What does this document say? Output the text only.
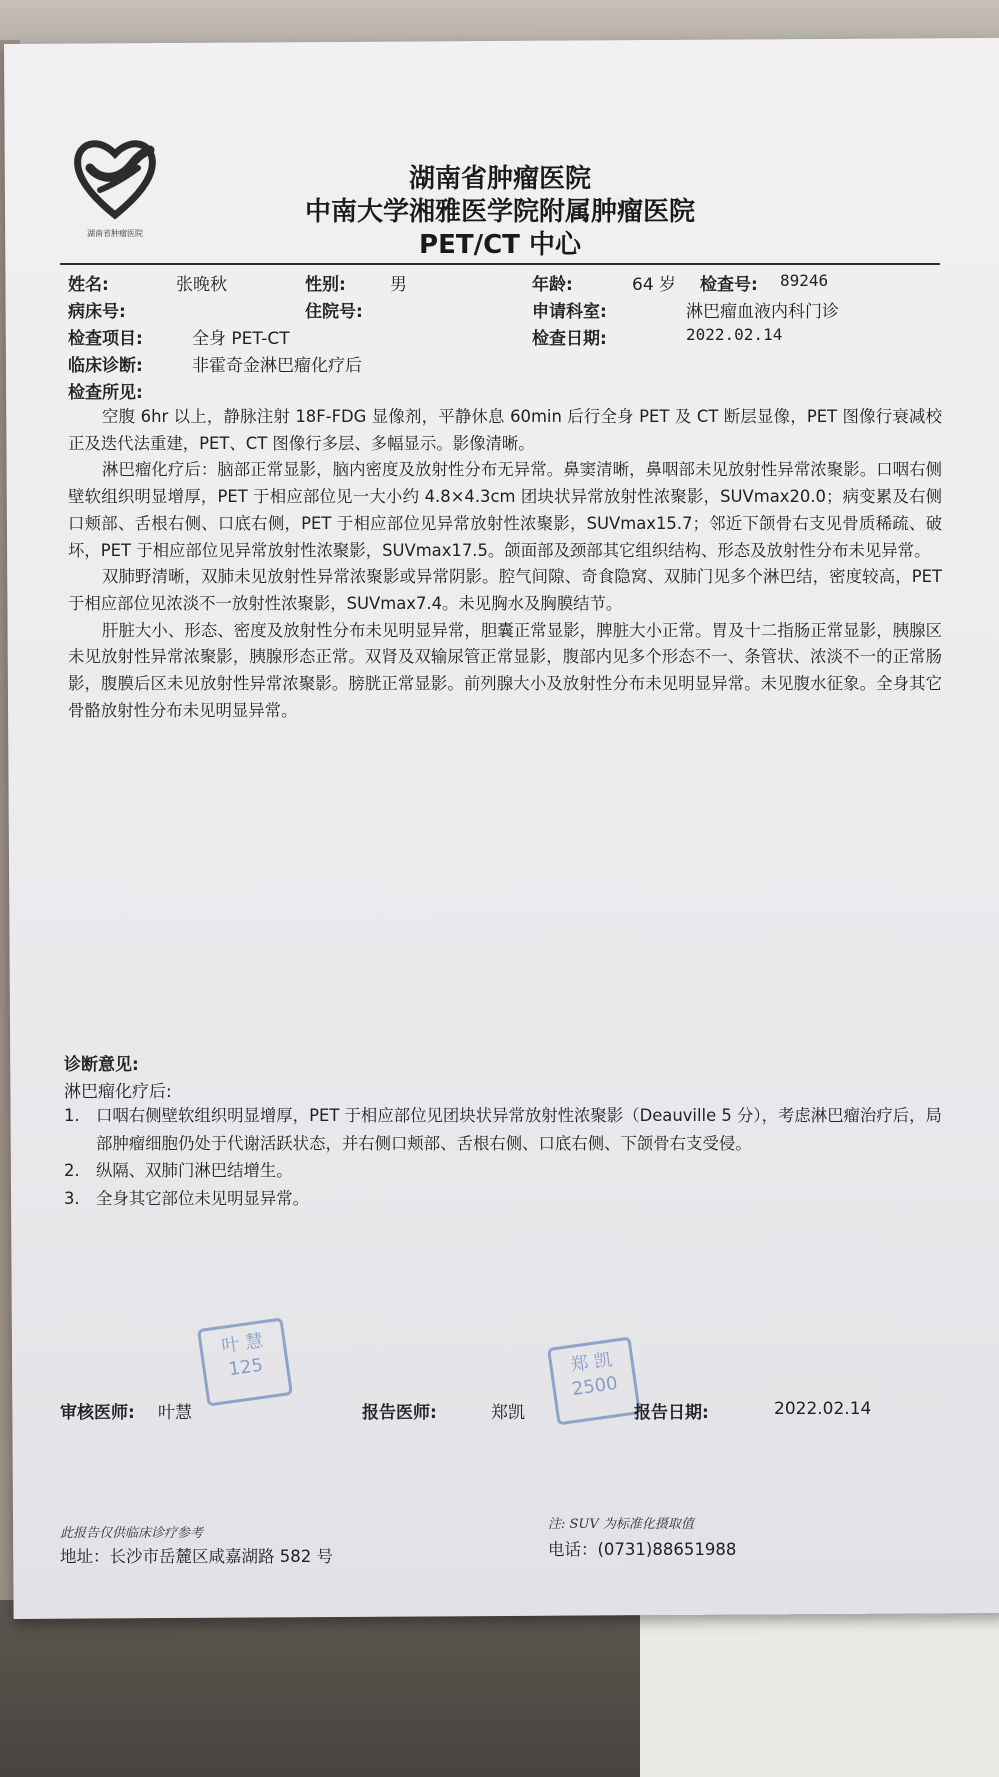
湖南省肿瘤医院
湖南省肿瘤医院
中南大学湘雅医学院附属肿瘤医院
PET/CT 中心
姓名:	张晚秋	性别:	男	年龄:	64 岁 检查号: 89246
病床号:	住院号:	申请科室:	淋巴瘤血液内科门诊
检查项目:	全身 PET-CT	检查日期:	2022.02.14
临床诊断:	非霍奇金淋巴瘤化疗后
检查所见:

空腹 6hr 以上，静脉注射 18F-FDG 显像剂，平静休息 60min 后行全身 PET 及 CT 断层显像，PET 图像行衰减校正及迭代法重建，PET、CT 图像行多层、多幅显示。影像清晰。

淋巴瘤化疗后：脑部正常显影，脑内密度及放射性分布无异常。鼻窦清晰，鼻咽部未见放射性异常浓聚影。口咽右侧壁软组织明显增厚，PET 于相应部位见一大小约 4.8×4.3cm 团块状异常放射性浓聚影，SUVmax20.0；病变累及右侧口颊部、舌根右侧、口底右侧，PET 于相应部位见异常放射性浓聚影，SUVmax15.7；邻近下颌骨右支见骨质稀疏、破坏，PET 于相应部位见异常放射性浓聚影，SUVmax17.5。颌面部及颈部其它组织结构、形态及放射性分布未见异常。

双肺野清晰，双肺未见放射性异常浓聚影或异常阴影。腔气间隙、奇食隐窝、双肺门见多个淋巴结，密度较高，PET 于相应部位见浓淡不一放射性浓聚影，SUVmax7.4。未见胸水及胸膜结节。

肝脏大小、形态、密度及放射性分布未见明显异常，胆囊正常显影，脾脏大小正常。胃及十二指肠正常显影，胰腺区未见放射性异常浓聚影，胰腺形态正常。双肾及双输尿管正常显影，腹部内见多个形态不一、条管状、浓淡不一的正常肠影，腹膜后区未见放射性异常浓聚影。膀胱正常显影。前列腺大小及放射性分布未见明显异常。未见腹水征象。全身其它骨骼放射性分布未见明显异常。

诊断意见:
淋巴瘤化疗后:
1. 口咽右侧壁软组织明显增厚，PET 于相应部位见团块状异常放射性浓聚影（Deauville 5 分），考虑淋巴瘤治疗后，局部肿瘤细胞仍处于代谢活跃状态，并右侧口颊部、舌根右侧、口底右侧、下颌骨右支受侵。
2. 纵隔、双肺门淋巴结增生。
3. 全身其它部位未见明显异常。
叶 慧
125	郑 凯
2500
审核医师: 叶慧	报告医师:	郑凯	报告日期:	2022.02.14
此报告仅供临床诊疗参考
注: SUV 为标准化摄取值
地址：长沙市岳麓区咸嘉湖路 582 号	电话：(0731)88651988
